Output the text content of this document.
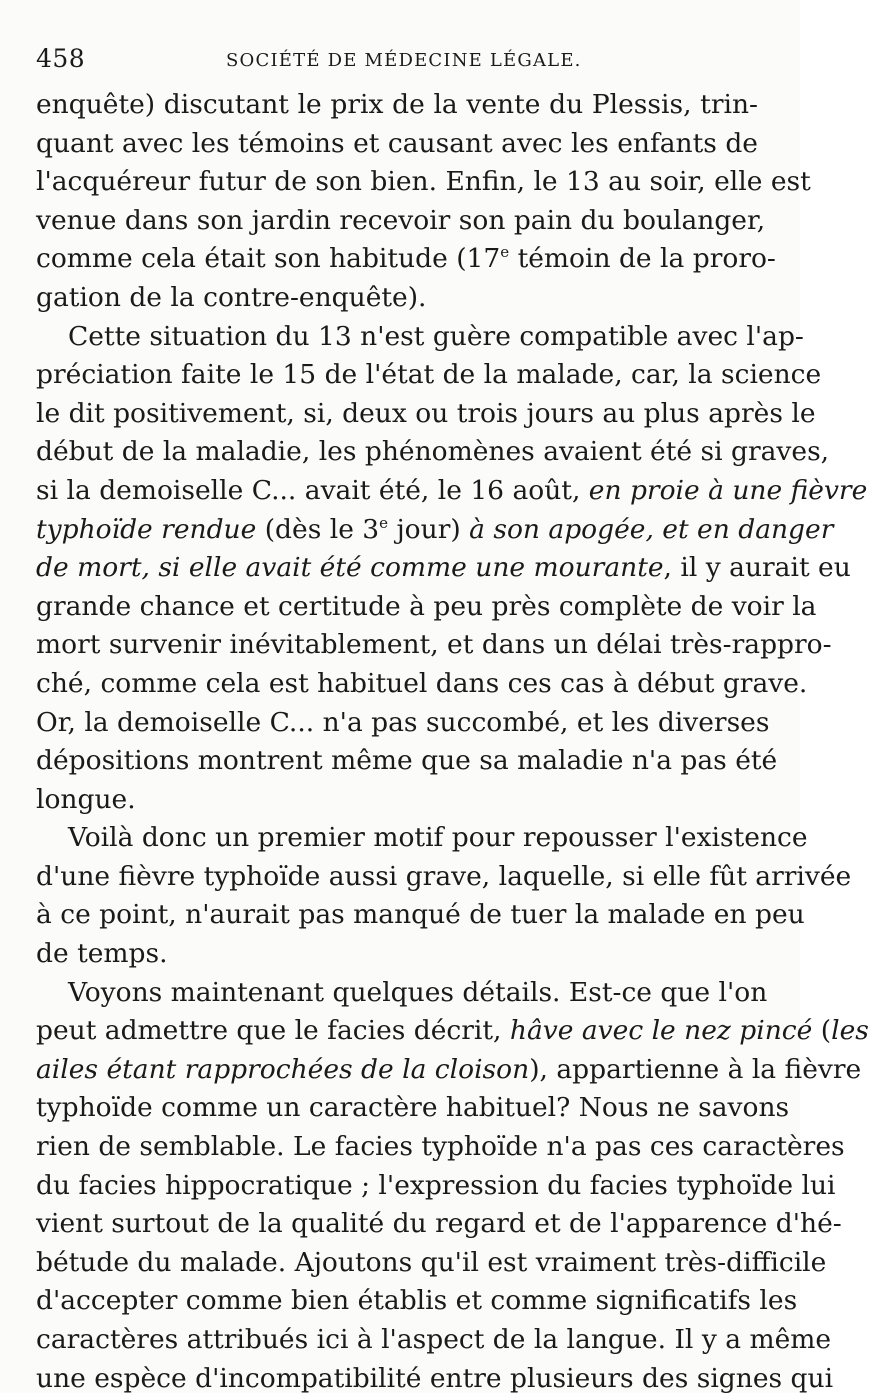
458	SOCIÉTÉ DE MÉDECINE LÉGALE.
enquête) discutant le prix de la vente du Plessis, trin-
quant avec les témoins et causant avec les enfants de
l'acquéreur futur de son bien. Enfin, le 13 au soir, elle est
venue dans son jardin recevoir son pain du boulanger,
comme cela était son habitude (17e témoin de la proro-
gation de la contre-enquête).
Cette situation du 13 n'est guère compatible avec l'ap-
préciation faite le 15 de l'état de la malade, car, la science
le dit positivement, si, deux ou trois jours au plus après le
début de la maladie, les phénomènes avaient été si graves,
si la demoiselle C... avait été, le 16 août, en proie à une fièvre
typhoïde rendue (dès le 3e jour) à son apogée, et en danger
de mort, si elle avait été comme une mourante, il y aurait eu
grande chance et certitude à peu près complète de voir la
mort survenir inévitablement, et dans un délai très-rappro-
ché, comme cela est habituel dans ces cas à début grave.
Or, la demoiselle C... n'a pas succombé, et les diverses
dépositions montrent même que sa maladie n'a pas été
longue.
Voilà donc un premier motif pour repousser l'existence
d'une fièvre typhoïde aussi grave, laquelle, si elle fût arrivée
à ce point, n'aurait pas manqué de tuer la malade en peu
de temps.
Voyons maintenant quelques détails. Est-ce que l'on
peut admettre que le facies décrit, hâve avec le nez pincé (les
ailes étant rapprochées de la cloison), appartienne à la fièvre
typhoïde comme un caractère habituel? Nous ne savons
rien de semblable. Le facies typhoïde n'a pas ces caractères
du facies hippocratique ; l'expression du facies typhoïde lui
vient surtout de la qualité du regard et de l'apparence d'hé-
bétude du malade. Ajoutons qu'il est vraiment très-difficile
d'accepter comme bien établis et comme significatifs les
caractères attribués ici à l'aspect de la langue. Il y a même
une espèce d'incompatibilité entre plusieurs des signes qui
